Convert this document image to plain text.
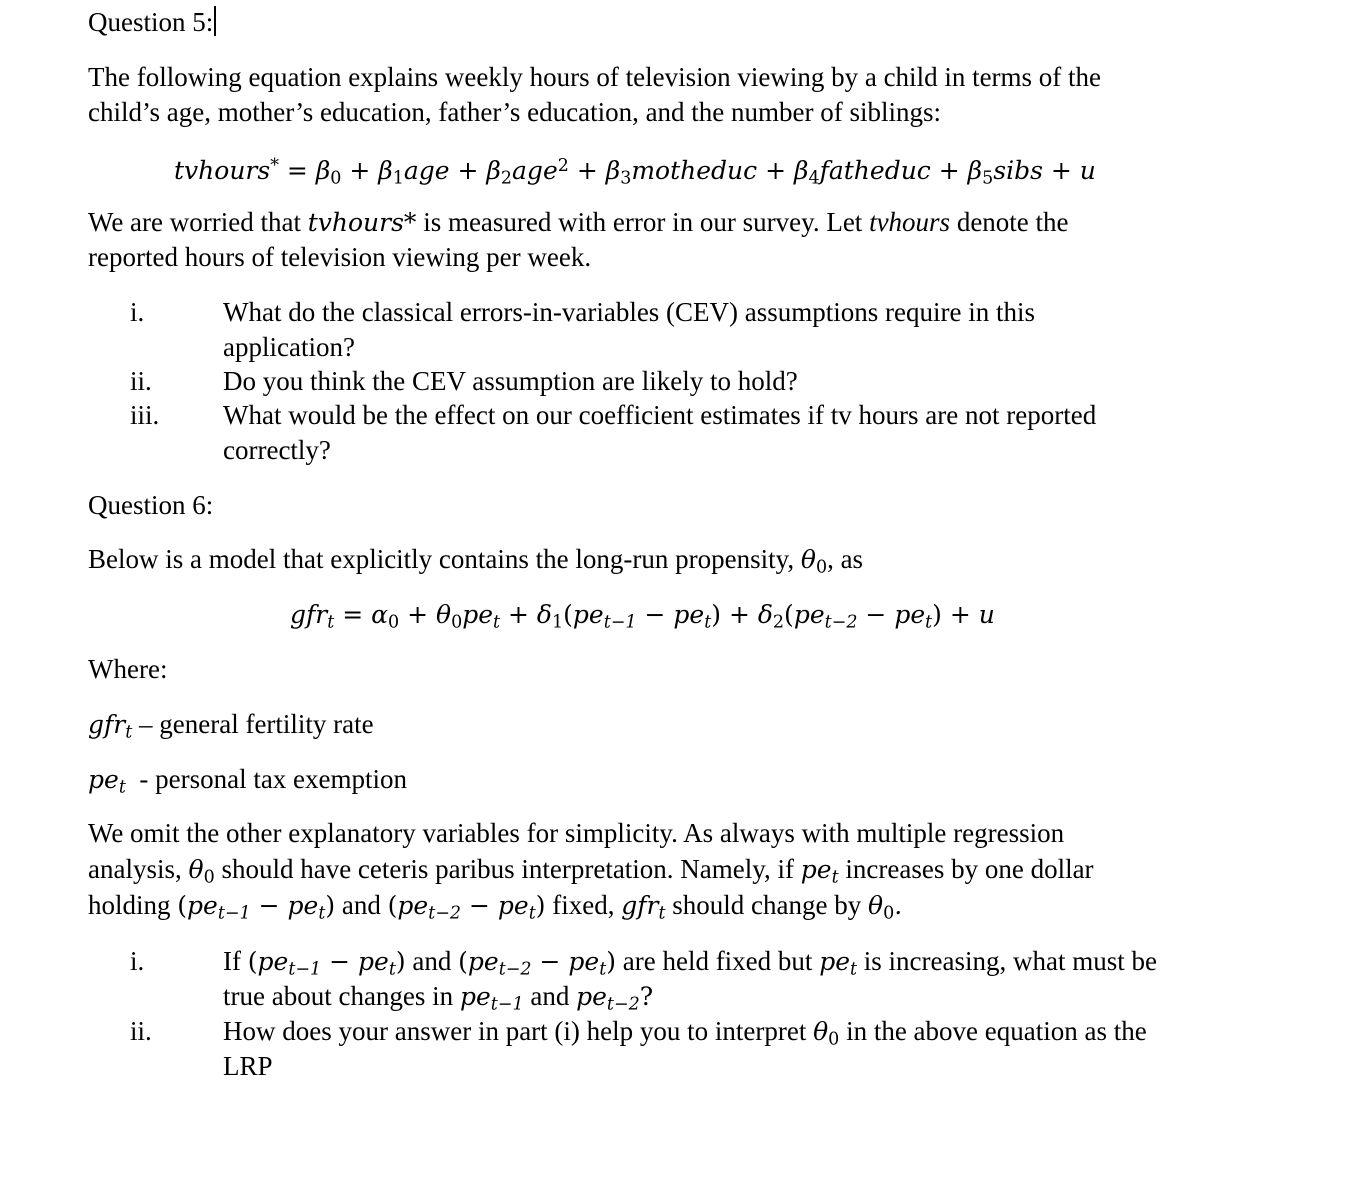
Question 5:
The following equation explains weekly hours of television viewing by a child in terms of the
child’s age, mother’s education, father’s education, and the number of siblings:
tvhours* = $\beta_0 + \beta_1age + \beta_2age^2$ + $\beta_3motheduc$ + $\beta_4fatheduc$ + $\beta_5sibs + u$
We are worried that tvhours* is measured with error in our survey. Let tvhours denote the
reported hours of television viewing per week.
i.	What do the classical errors-in-variables (CEV) assumptions require in this
application?
ii.	Do you think the CEV assumption are likely to hold?
iii. What would be the effect on our coefficient estimates if tv hours are not reported
correctly?
Question 6:
Below is a model that explicitly contains the long-run propensity, $\theta_0$, as
$gfr_t = \alpha_0 + \theta_0pe_t + \delta_1(pe_{t-1} - pe_t) + \delta_2(pe_{t-2} - pe_t) + u$
Where:
gfr$_t$ – general fertility rate
$pe_t$ - personal tax exemption
We omit the other explanatory variables for simplicity. As always with multiple regression
analysis, $\theta_0$ should have ceteris paribus interpretation. Namely, if $pe_t$ increases by one dollar
holding $(pe_{t-1} - pe_t)$ and $(pe_{t-2} - pe_t)$ fixed, gfr$_t$ should change by $\theta_0$.
i.	If $(pe_{t-1} - pe_t)$ and $(pe_{t-2} - pe_t)$ are held fixed but $pe_t$ is increasing, what must be
true about changes in $pe_{t-1}$ and $pe_{t-2}$?
ii.	How does your answer in part (i) help you to interpret $\theta_0$ in the above equation as the
LRP
